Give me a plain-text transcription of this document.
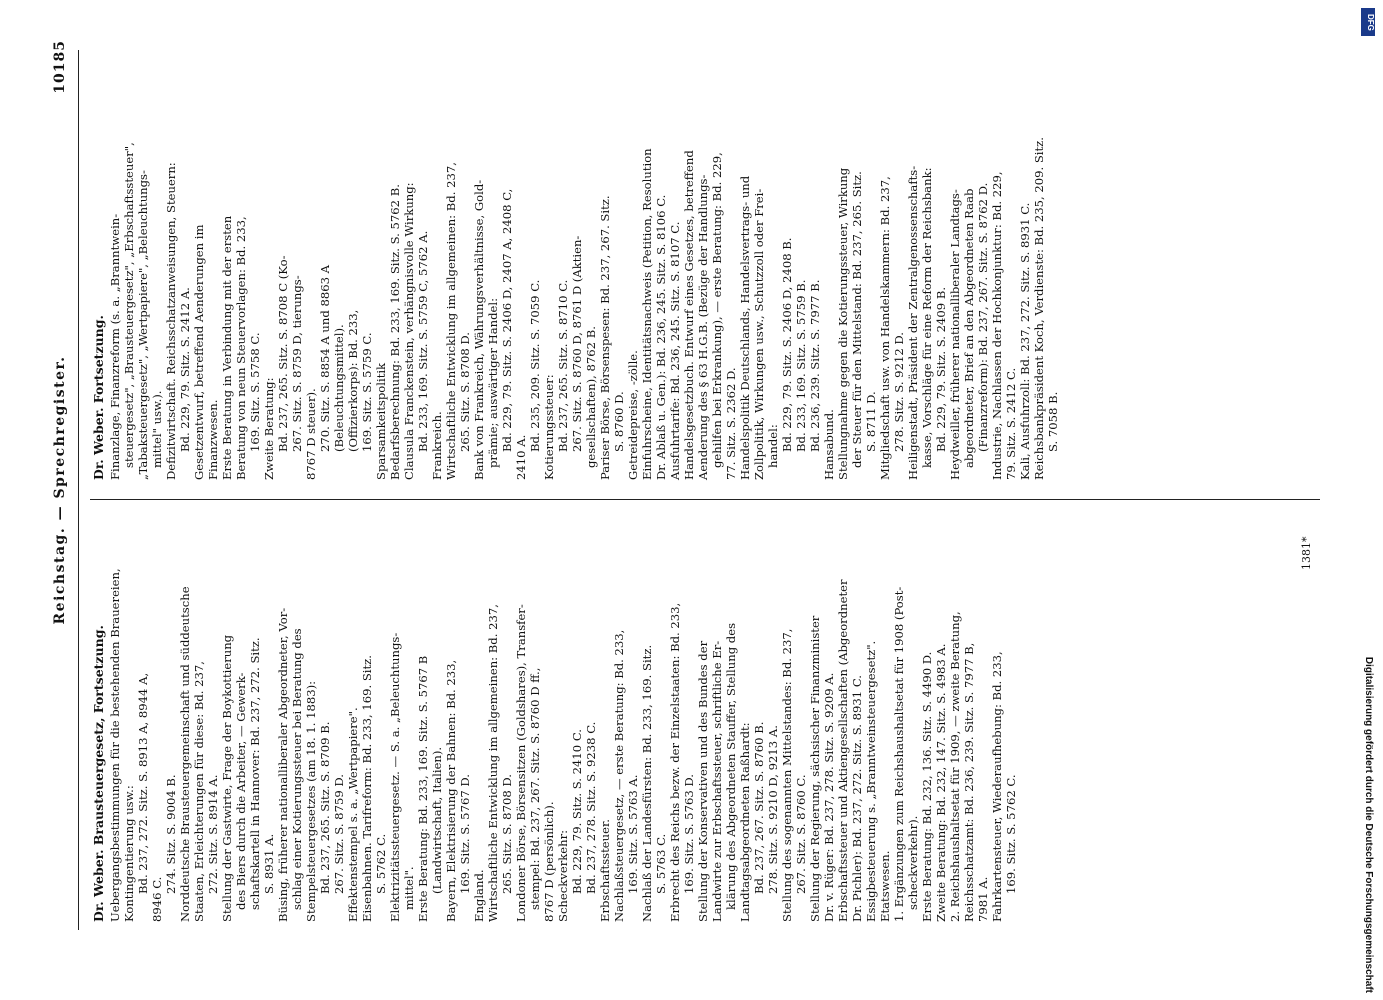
Reichstag. — Sprechregister.
10185

Dr. Weber. Brausteuergesetz, Fortsetzung. Uebergangsbestimmungen für die bestehenden Brauereien, Kontingentierung usw.: Bd. 237, 272. Sitz. S. 8913 A, 8944 A,

8946 C.

274. Sitz. S. 9004 B. Norddeutsche Brausteuergemeinschaft und süddeutsche Staaten, Erleichterungen für diese: Bd. 237, 272. Sitz. S. 8914 A. Stellung der Gastwirte, Frage der Boykottierung des Biers durch die Arbeiter, — Gewerk- schaftskartell in Hannover: Bd. 237, 272. Sitz. S. 8931 A. Büsing, früherer nationalliberaler Abgeordneter, Vor- schlag einer Kotierungssteuer bei Beratung des Stempelsteuergesetzes (am 18. 1. 1883): Bd. 237, 265. Sitz. S. 8709 B. 267. Sitz. S. 8759 D. Effektenstempel s. a. „Wertpapiere". Eisenbahnen. Tarifreform: Bd. 233, 169. Sitz. S. 5762 C. Elektrizitätssteuergesetz. — S. a. „Beleuchtungs- mittel". Erste Beratung: Bd. 233, 169. Sitz. S. 5767 B (Landwirtschaft, Italien). Bayern, Elektrisierung der Bahnen: Bd. 233, 169. Sitz. S. 5767 D.

England. Wirtschaftliche Entwicklung im allgemeinen: Bd. 237, 265. Sitz. S. 8708 D. Londoner Börse, Börsensitzen (Goldshares), Transfer- stempel: Bd. 237, 267. Sitz. S. 8760 D ff., 8767 D (persönlich). Scheckverkehr: Bd. 229, 79. Sitz. S. 2410 C. Bd. 237, 278. Sitz. S. 9238 C. Erbschaftssteuer. Nachlaßsteuergesetz, — erste Beratung: Bd. 233, 169. Sitz. S. 5763 A. Nachlaß der Landesfürsten: Bd. 233, 169. Sitz. S. 5763 C. Erbrecht des Reichs bezw. der Einzelstaaten: Bd. 233, 169. Sitz. S. 5763 D. Stellung der Konservativen und des Bundes der Landwirte zur Erbschaftssteuer, schriftliche Er- klärung des Abgeordneten Stauffer, Stellung des Landtagsabgeordneten Raßhardt: Bd. 237, 267. Sitz. S. 8760 B. 278. Sitz. S. 9210 D, 9213 A. Stellung des sogenannten Mittelstandes: Bd. 237, 267. Sitz. S. 8760 C. Stellung der Regierung, sächsischer Finanzminister Dr. v. Rüger: Bd. 237, 278. Sitz. S. 9209 A. Erbschaftssteuer und Aktiengesellschaften (Abgeordneter Dr. Pichler): Bd. 237, 272. Sitz. S. 8931 C. Essigbesteuerung s. „Branntweinsteuergesetz". Etatswesen. 1. Ergänzungen zum Reichshaushaltsetat für 1908 (Post- scheckverkehr). Erste Beratung: Bd. 232, 136. Sitz. S. 4490 D. Zweite Beratung: Bd. 232, 147. Sitz. S. 4983 A. 2. Reichshaushaltsetat für 1909, — zweite Beratung, Reichsschatzamt: Bd. 236, 239. Sitz. S. 7977 B, 7981 A. Fahrkartensteuer, Wiederaufhebung: Bd. 233, 169. Sitz. S. 5762 C.

Dr. Weber. Fortsetzung. Finanzlage, Finanzreform (s. a. „Branntwein- steuergesetz", „Brausteuergesetz", „Erbschaftssteuer", „Tabaksteuergesetz", „Wertpapiere", „Beleuchtungs- mittel" usw.). Defizitwirtschaft. Reichsschatzanweisungen, Steuern: Bd. 229, 79. Sitz. S. 2412 A. Gesetzentwurf, betreffend Aenderungen im Finanzwesen. Erste Beratung in Verbindung mit der ersten Beratung von neun Steuervorlagen: Bd. 233, 169. Sitz. S. 5758 C. Zweite Beratung: Bd. 237, 265. Sitz. S. 8708 C (Ko- 267. Sitz. S. 8759 D, tierungs- 8767 D steuer). 270. Sitz. S. 8854 A und 8863 A (Beleuchtungsmittel). (Offizierkorps): Bd. 233, 169. Sitz. S. 5759 C. Sparsamkeitspolitik Bedarfsberechnung: Bd. 233, 169. Sitz. S. 5762 B. Clausula Franckenstein, verhängnisvolle Wirkung: Bd. 233, 169. Sitz. S. 5759 C, 5762 A. Frankreich. Wirtschaftliche Entwicklung im allgemeinen: Bd. 237, 265. Sitz. S. 8708 D. Bank von Frankreich, Währungsverhältnisse, Gold- prämie; auswärtiger Handel: Bd. 229, 79. Sitz. S. 2406 D, 2407 A, 2408 C,

2410 A.

Bd. 235, 209. Sitz. S. 7059 C. Kotierungssteuer: Bd. 237, 265. Sitz. S. 8710 C. 267. Sitz. S. 8760 D, 8761 D (Aktien- gesellschaften), 8762 B. Pariser Börse, Börsenspesen: Bd. 237, 267. Sitz. S. 8760 D. Getreidepreise, -zölle. Einfuhrscheine, Identitätsnachweis (Petition, Resolution Dr. Ablaß u. Gen.): Bd. 236, 245. Sitz. S. 8106 C. Ausfuhrtarife: Bd. 236, 245. Sitz. S. 8107 C. Handelsgesetzbuch. Entwurf eines Gesetzes, betreffend Aenderung des § 63 H.G.B. (Bezüge der Handlungs- gehilfen bei Erkrankung), — erste Beratung: Bd. 229, 77. Sitz. S. 2362 D. Handelspolitik Deutschlands, Handelsvertrags- und Zollpolitik, Wirkungen usw., Schutzzoll oder Frei- handel: Bd. 229, 79. Sitz. S. 2406 D, 2408 B. Bd. 233, 169. Sitz. S. 5759 B. Bd. 236, 239. Sitz. S. 7977 B. Hansabund. Stellungnahme gegen die Kotierungssteuer, Wirkung der Steuer für den Mittelstand: Bd. 237, 265. Sitz. S. 8711 D. Mitgliedschaft usw. von Handelskammern: Bd. 237, 278. Sitz. S. 9212 D. Heiligenstadt, Präsident der Zentralgenossenschafts- kasse, Vorschläge für eine Reform der Reichsbank: Bd. 229, 79. Sitz. S. 2409 B. Heydweiller, früherer nationalliberaler Landtags- abgeordneter, Brief an den Abgeordneten Raab (Finanzreform): Bd. 237, 267. Sitz. S. 8762 D. Industrie, Nachlassen der Hochkonjunktur: Bd. 229, 79. Sitz. S. 2412 C. Kali, Ausfuhrzoll: Bd. 237, 272. Sitz. S. 8931 C. Reichsbankpräsident Koch, Verdienste: Bd. 235, 209. Sitz. S. 7058 B.

1381*
Digitalisierung gefördert durch die Deutsche Forschungsgemeinschaft
DFG
